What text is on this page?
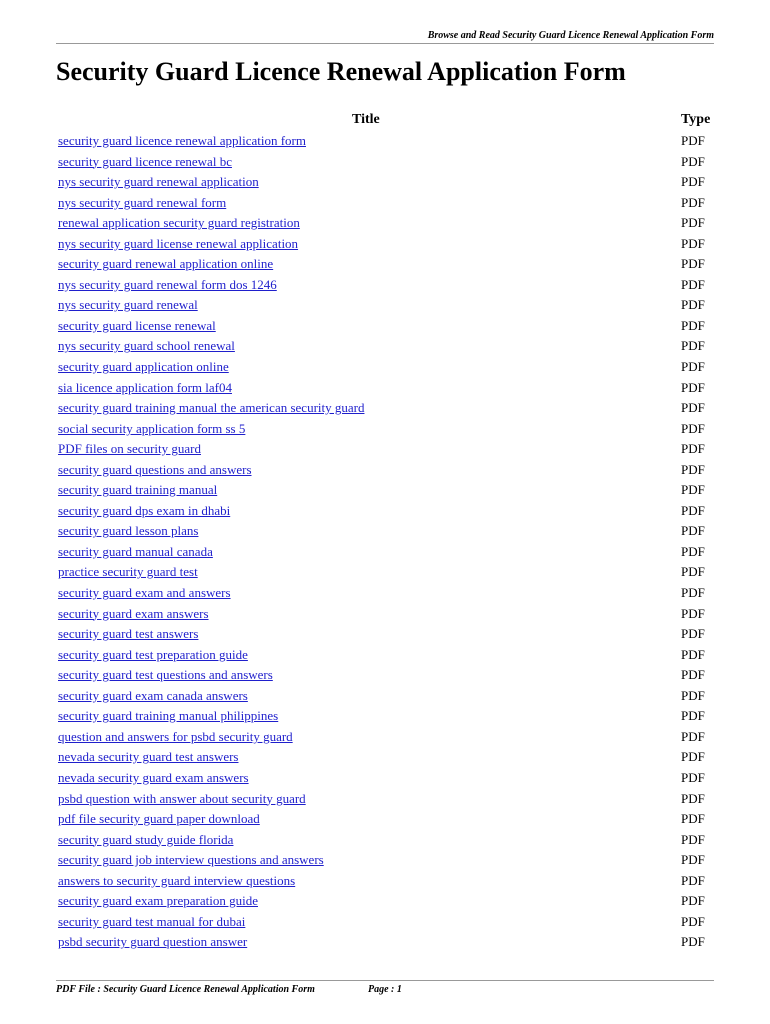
Browse and Read Security Guard Licence Renewal Application Form
Security Guard Licence Renewal Application Form
Title	Type
security guard licence renewal application form	PDF
security guard licence renewal bc	PDF
nys security guard renewal application	PDF
nys security guard renewal form	PDF
renewal application security guard registration	PDF
nys security guard license renewal application	PDF
security guard renewal application online	PDF
nys security guard renewal form dos 1246	PDF
nys security guard renewal	PDF
security guard license renewal	PDF
nys security guard school renewal	PDF
security guard application online	PDF
sia licence application form laf04	PDF
security guard training manual the american security guard	PDF
social security application form ss 5	PDF
PDF files on security guard	PDF
security guard questions and answers	PDF
security guard training manual	PDF
security guard dps exam in dhabi	PDF
security guard lesson plans	PDF
security guard manual canada	PDF
practice security guard test	PDF
security guard exam and answers	PDF
security guard exam answers	PDF
security guard test answers	PDF
security guard test preparation guide	PDF
security guard test questions and answers	PDF
security guard exam canada answers	PDF
security guard training manual philippines	PDF
question and answers for psbd security guard	PDF
nevada security guard test answers	PDF
nevada security guard exam answers	PDF
psbd question with answer about security guard	PDF
pdf file security guard paper download	PDF
security guard study guide florida	PDF
security guard job interview questions and answers	PDF
answers to security guard interview questions	PDF
security guard exam preparation guide	PDF
security guard test manual for dubai	PDF
psbd security guard question answer	PDF
PDF File : Security Guard Licence Renewal Application Form	Page : 1
